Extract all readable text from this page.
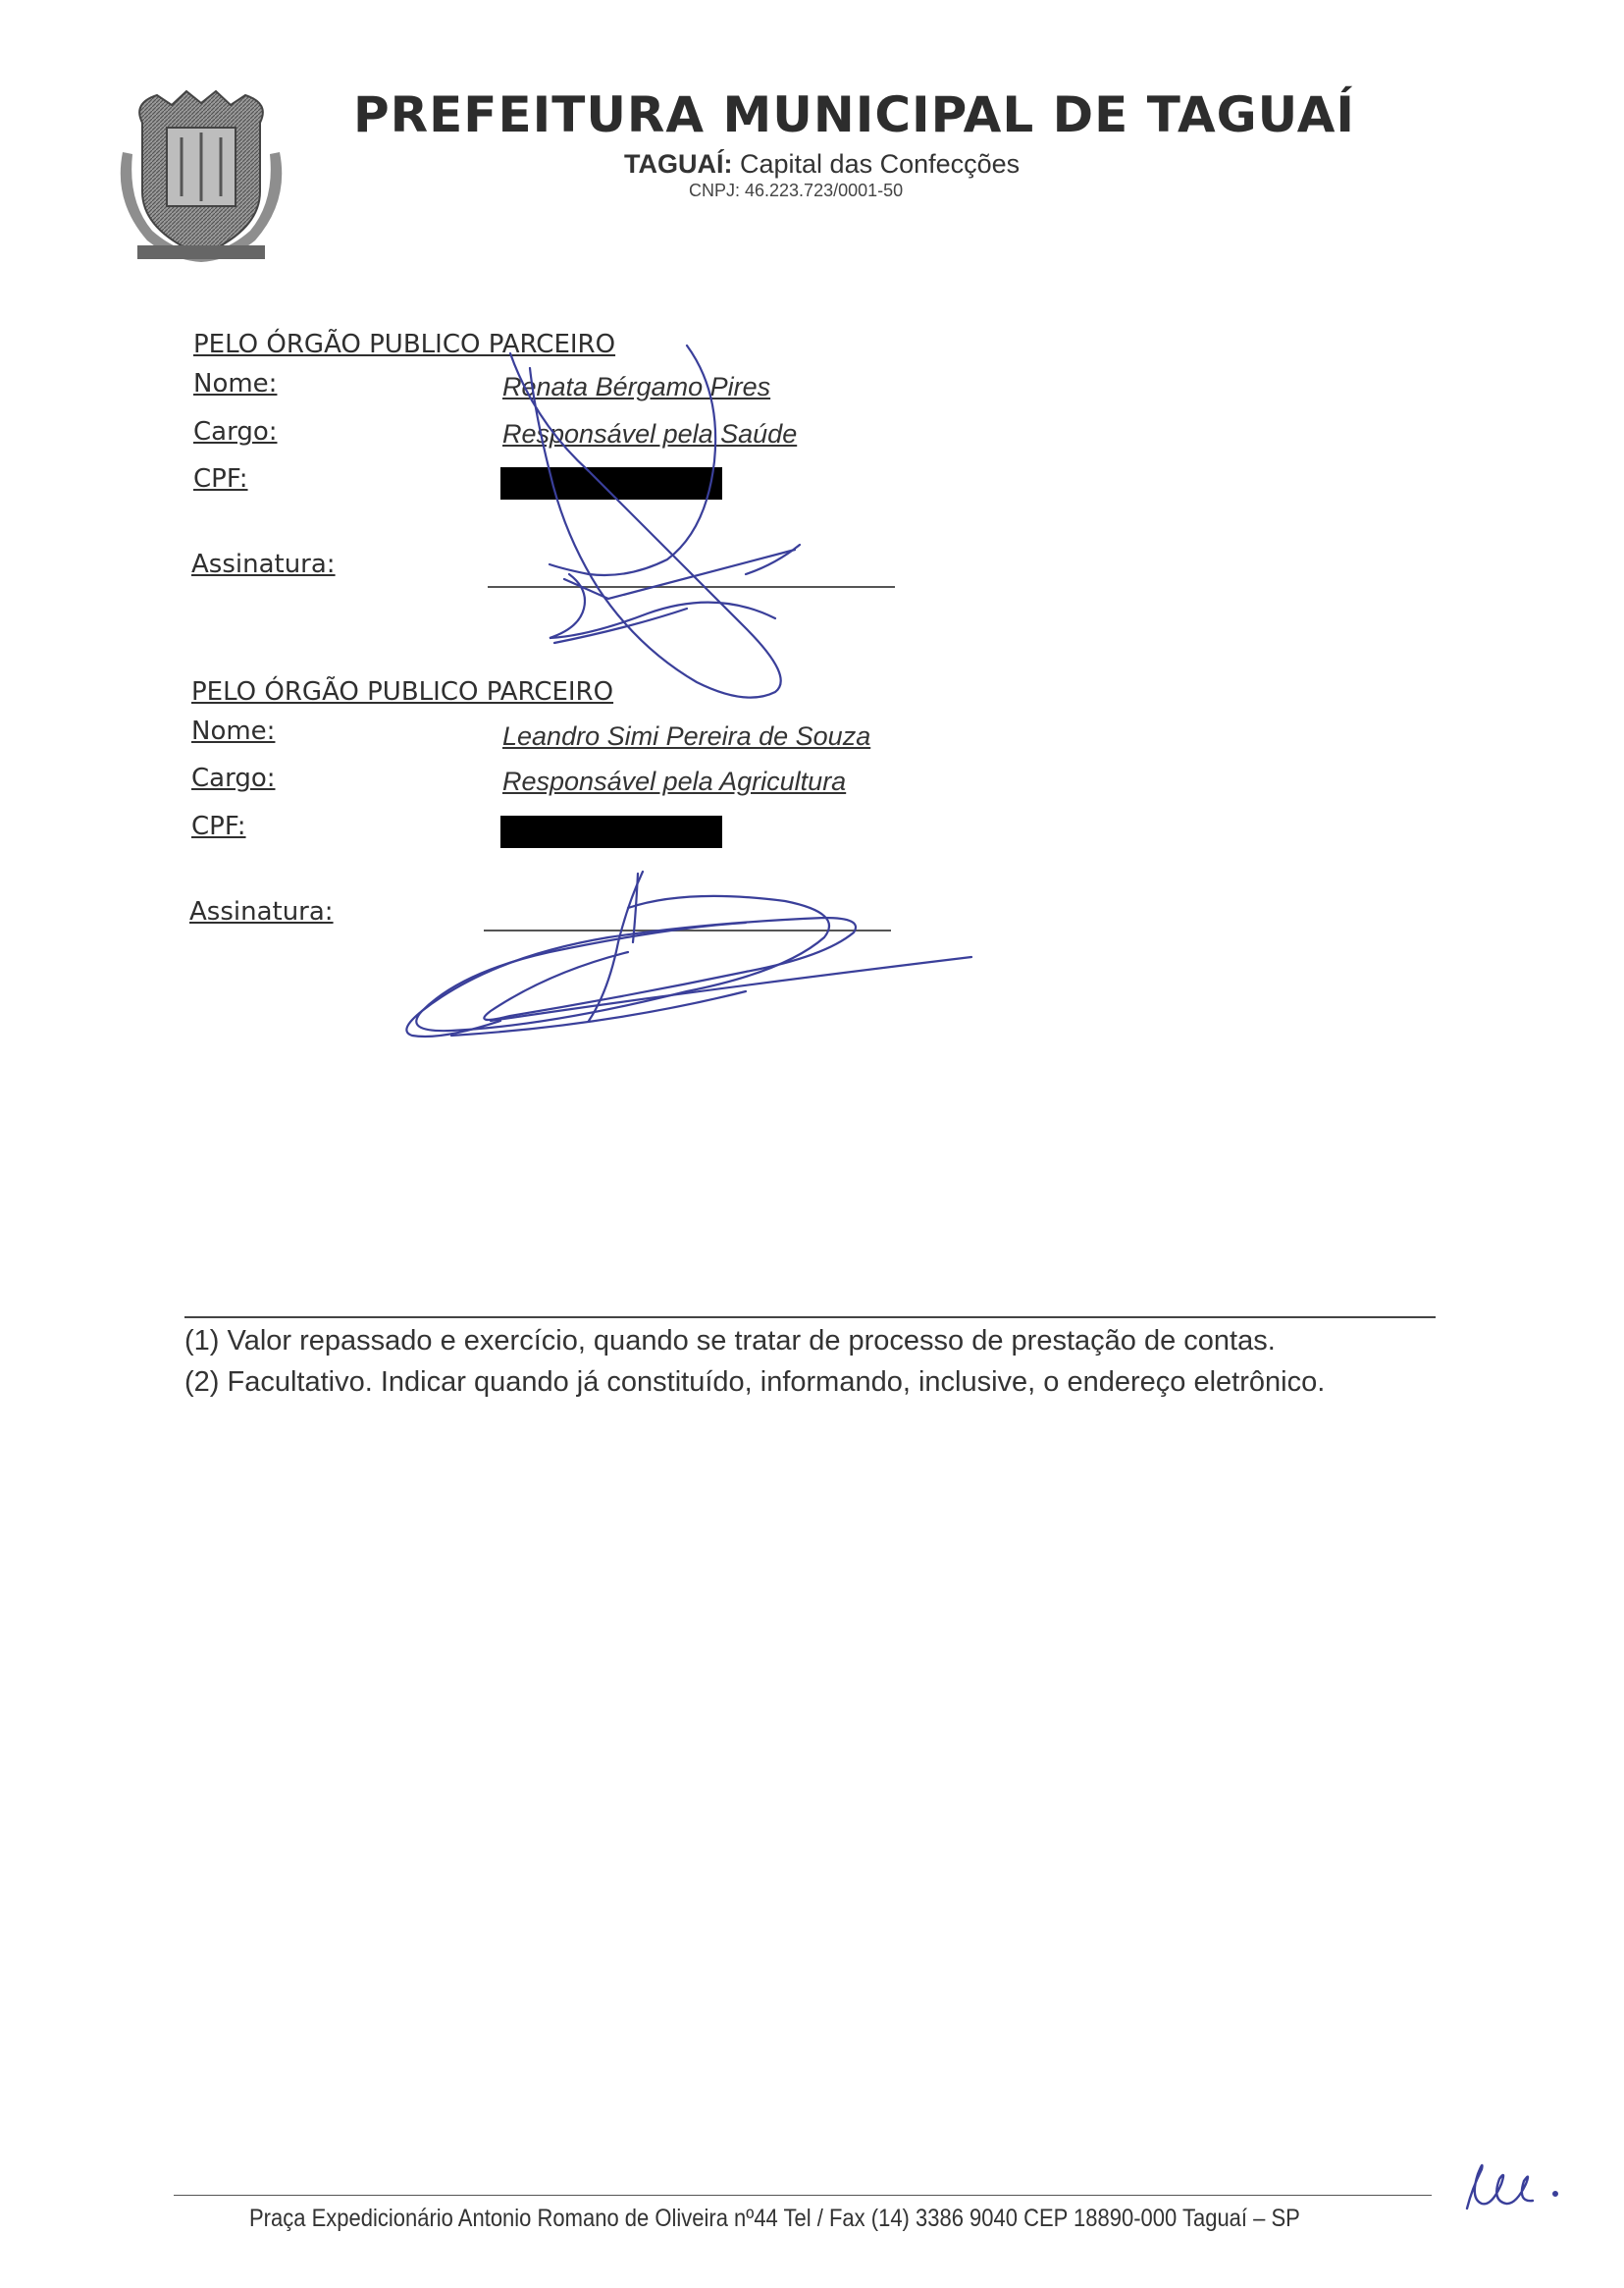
PREFEITURA MUNICIPAL DE TAGUAÍ
TAGUAÍ: Capital das Confecções
CNPJ: 46.223.723/0001-50
PELO ÓRGÃO PUBLICO PARCEIRO
Nome:	Renata Bérgamo Pires
Cargo:	Responsável pela Saúde
CPF:
Assinatura:
PELO ÓRGÃO PUBLICO PARCEIRO
Nome:	Leandro Simi Pereira de Souza
Cargo:	Responsável pela Agricultura
CPF:
Assinatura:
(1) Valor repassado e exercício, quando se tratar de processo de prestação de contas.
(2) Facultativo. Indicar quando já constituído, informando, inclusive, o endereço eletrônico.
Praça Expedicionário Antonio Romano de Oliveira nº44 Tel / Fax (14) 3386 9040 CEP 18890-000 Taguaí – SP
